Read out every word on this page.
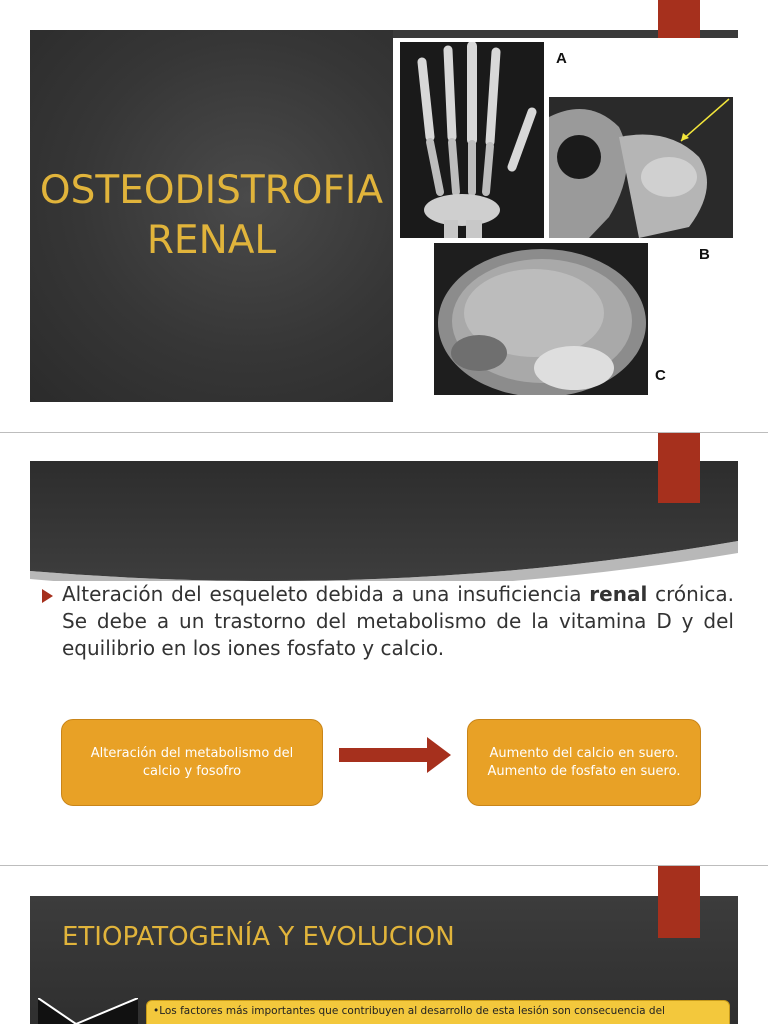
OSTEODISTROFIA
RENAL
A
B
C
Alteración del esqueleto debida a una insuficiencia renal crónica. Se debe a un trastorno del metabolismo de la vitamina D y del equilibrio en los iones fosfato y calcio.
Alteración del metabolismo del calcio y fosofro
Aumento del calcio en suero.
Aumento de fosfato en suero.
ETIOPATOGENÍA Y EVOLUCION
•Los factores más importantes que contribuyen al desarrollo de esta lesión son consecuencia del
